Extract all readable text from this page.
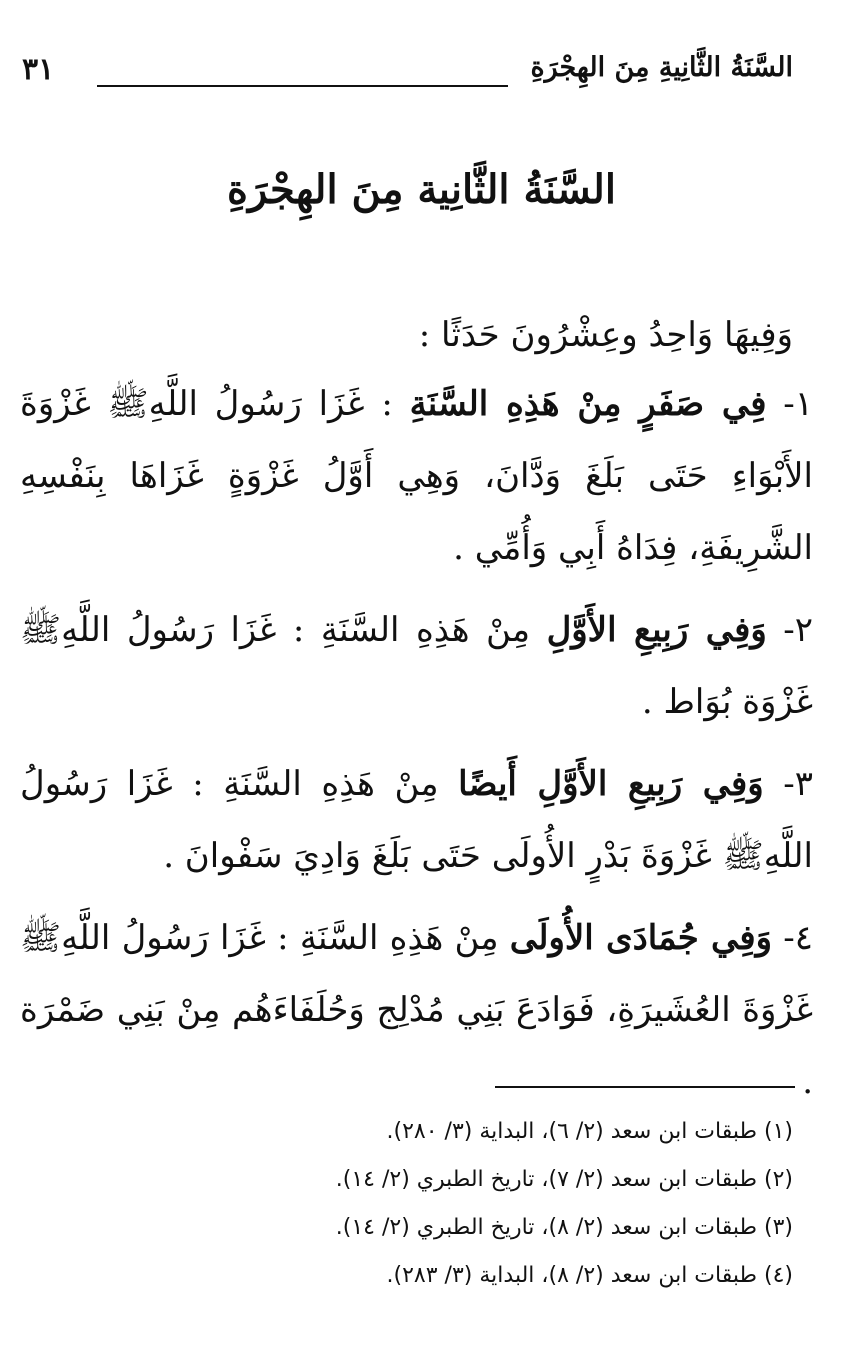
السَّنَةُ الثَّانِيةِ مِنَ الهِجْرَةِ
٣١
السَّنَةُ الثَّانِية مِنَ الهِجْرَةِ

وَفِيهَا وَاحِدُ وعِشْرُونَ حَدَثًا :

١- فِي صَفَرٍ مِنْ هَذِهِ السَّنَةِ : غَزَا رَسُولُ اللَّهِﷺ غَزْوَةَ الأَبْوَاءِ حَتَى بَلَغَ وَدَّانَ، وَهِي أَوَّلُ غَزْوَةٍ غَزَاهَا بِنَفْسِهِ الشَّرِيفَةِ، فِدَاهُ أَبِي وَأُمِّي .
٢- وَفِي رَبِيعِ الأَوَّلِ مِنْ هَذِهِ السَّنَةِ : غَزَا رَسُولُ اللَّهِﷺ غَزْوَة بُوَاط .
٣- وَفِي رَبِيعِ الأَوَّلِ أَيضًا مِنْ هَذِهِ السَّنَةِ : غَزَا رَسُولُ اللَّهِﷺ غَزْوَةَ بَدْرٍ الأُولَى حَتَى بَلَغَ وَادِيَ سَفْوانَ .
٤- وَفِي جُمَادَى الأُولَى مِنْ هَذِهِ السَّنَةِ : غَزَا رَسُولُ اللَّهِﷺ غَزْوَةَ العُشَيرَةِ، فَوَادَعَ بَنِي مُدْلِج وَحُلَفَاءَهُم مِنْ بَنِي ضَمْرَة .
(١) طبقات ابن سعد (٢/ ٦)، البداية (٣/ ٢٨٠).
(٢) طبقات ابن سعد (٢/ ٧)، تاريخ الطبري (٢/ ١٤).
(٣) طبقات ابن سعد (٢/ ٨)، تاريخ الطبري (٢/ ١٤).
(٤) طبقات ابن سعد (٢/ ٨)، البداية (٣/ ٢٨٣).
